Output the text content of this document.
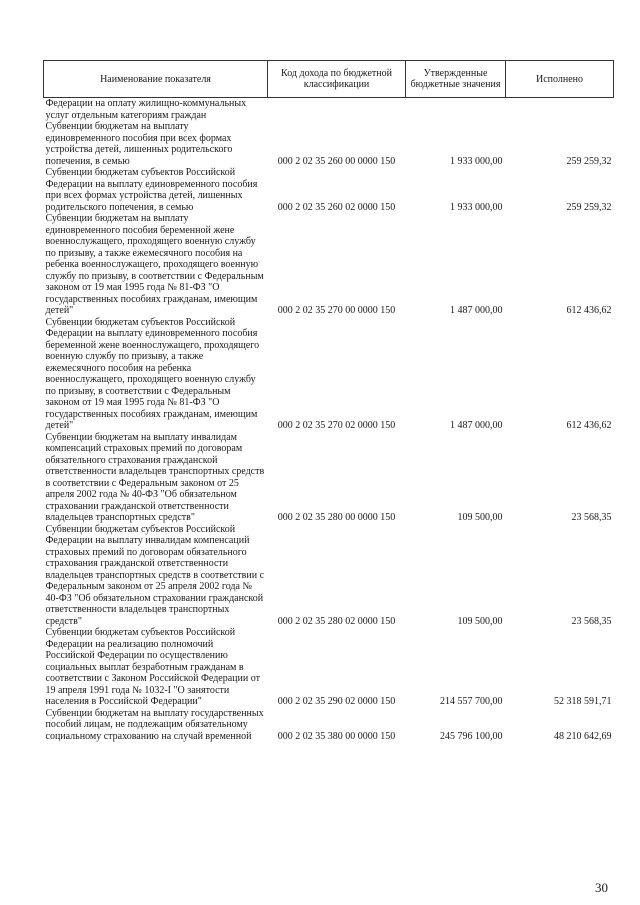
Наименование показателя	Код дохода по бюджетной классификации	Утвержденные бюджетные значения	Исполнено
Федерации на оплату жилищно-коммунальных услуг отдельным категориям граждан			
Субвенции бюджетам на выплату единовременного пособия при всех формах устройства детей, лишенных родительского попечения, в семью	000 2 02 35 260 00 0000 150	1 933 000,00	259 259,32
Субвенции бюджетам субъектов Российской Федерации на выплату единовременного пособия при всех формах устройства детей, лишенных родительского попечения, в семью	000 2 02 35 260 02 0000 150	1 933 000,00	259 259,32
Субвенции бюджетам на выплату единовременного пособия беременной жене военнослужащего, проходящего военную службу по призыву, а также ежемесячного пособия на ребенка военнослужащего, проходящего военную службу по призыву, в соответствии с Федеральным законом от 19 мая 1995 года № 81-ФЗ "О государственных пособиях гражданам, имеющим детей"	000 2 02 35 270 00 0000 150	1 487 000,00	612 436,62
Субвенции бюджетам субъектов Российской Федерации на выплату единовременного пособия беременной жене военнослужащего, проходящего военную службу по призыву, а также ежемесячного пособия на ребенка военнослужащего, проходящего военную службу по призыву, в соответствии с Федеральным законом от 19 мая 1995 года № 81-ФЗ "О государственных пособиях гражданам, имеющим детей"	000 2 02 35 270 02 0000 150	1 487 000,00	612 436,62
Субвенции бюджетам на выплату инвалидам компенсаций страховых премий по договорам обязательного страхования гражданской ответственности владельцев транспортных средств в соответствии с Федеральным законом от 25 апреля 2002 года № 40-ФЗ "Об обязательном страховании гражданской ответственности владельцев транспортных средств"	000 2 02 35 280 00 0000 150	109 500,00	23 568,35
Субвенции бюджетам субъектов Российской Федерации на выплату инвалидам компенсаций страховых премий по договорам обязательного страхования гражданской ответственности владельцев транспортных средств в соответствии с Федеральным законом от 25 апреля 2002 года № 40-ФЗ "Об обязательном страховании гражданской ответственности владельцев транспортных средств"	000 2 02 35 280 02 0000 150	109 500,00	23 568,35
Субвенции бюджетам субъектов Российской Федерации на реализацию полномочий Российской Федерации по осуществлению социальных выплат безработным гражданам в соответствии с Законом Российской Федерации от 19 апреля 1991 года № 1032-I "О занятости населения в Российской Федерации"	000 2 02 35 290 02 0000 150	214 557 700,00	52 318 591,71
Субвенции бюджетам на выплату государственных пособий лицам, не подлежащим обязательному социальному страхованию на случай временной	000 2 02 35 380 00 0000 150	245 796 100,00	48 210 642,69
30
